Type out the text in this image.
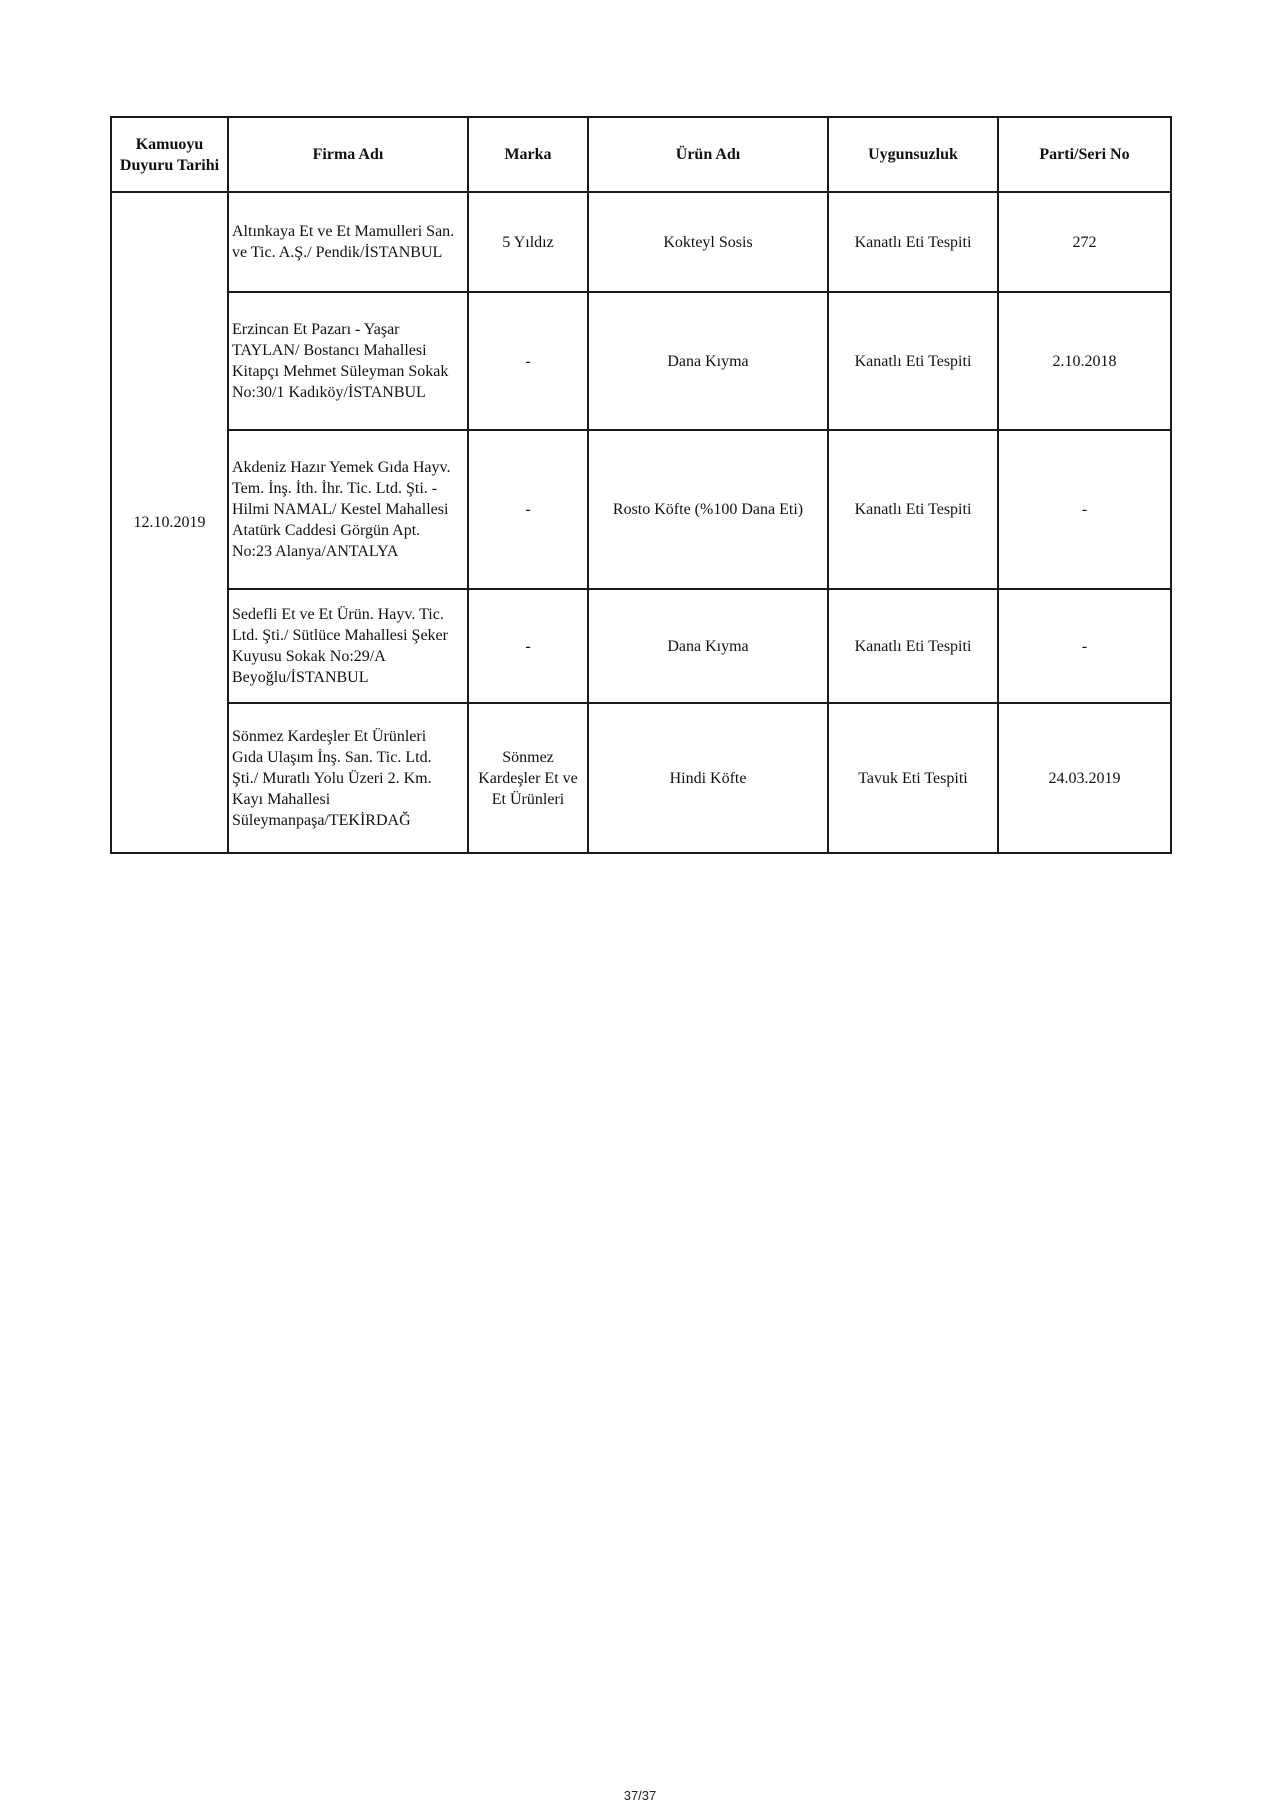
Kamuoyu
Duyuru Tarihi	Firma Adı	Marka	Ürün Adı	Uygunsuzluk	Parti/Seri No
12.10.2019	Altınkaya Et ve Et Mamulleri San.
ve Tic. A.Ş./ Pendik/İSTANBUL	5 Yıldız	Kokteyl Sosis	Kanatlı Eti Tespiti	272
	Erzincan Et Pazarı - Yaşar
TAYLAN/ Bostancı Mahallesi
Kitapçı Mehmet Süleyman Sokak
No:30/1 Kadıköy/İSTANBUL	-	Dana Kıyma	Kanatlı Eti Tespiti	2.10.2018
	Akdeniz Hazır Yemek Gıda Hayv.
Tem. İnş. İth. İhr. Tic. Ltd. Şti. -
Hilmi NAMAL/ Kestel Mahallesi
Atatürk Caddesi Görgün Apt.
No:23 Alanya/ANTALYA	-	Rosto Köfte (%100 Dana Eti)	Kanatlı Eti Tespiti	-
	Sedefli Et ve Et Ürün. Hayv. Tic.
Ltd. Şti./ Sütlüce Mahallesi Şeker
Kuyusu Sokak No:29/A
Beyoğlu/İSTANBUL	-	Dana Kıyma	Kanatlı Eti Tespiti	-
	Sönmez Kardeşler Et Ürünleri
Gıda Ulaşım İnş. San. Tic. Ltd.
Şti./ Muratlı Yolu Üzeri 2. Km.
Kayı Mahallesi
Süleymanpaşa/TEKİRDAĞ	Sönmez
Kardeşler Et ve
Et Ürünleri	Hindi Köfte	Tavuk Eti Tespiti	24.03.2019
37/37
